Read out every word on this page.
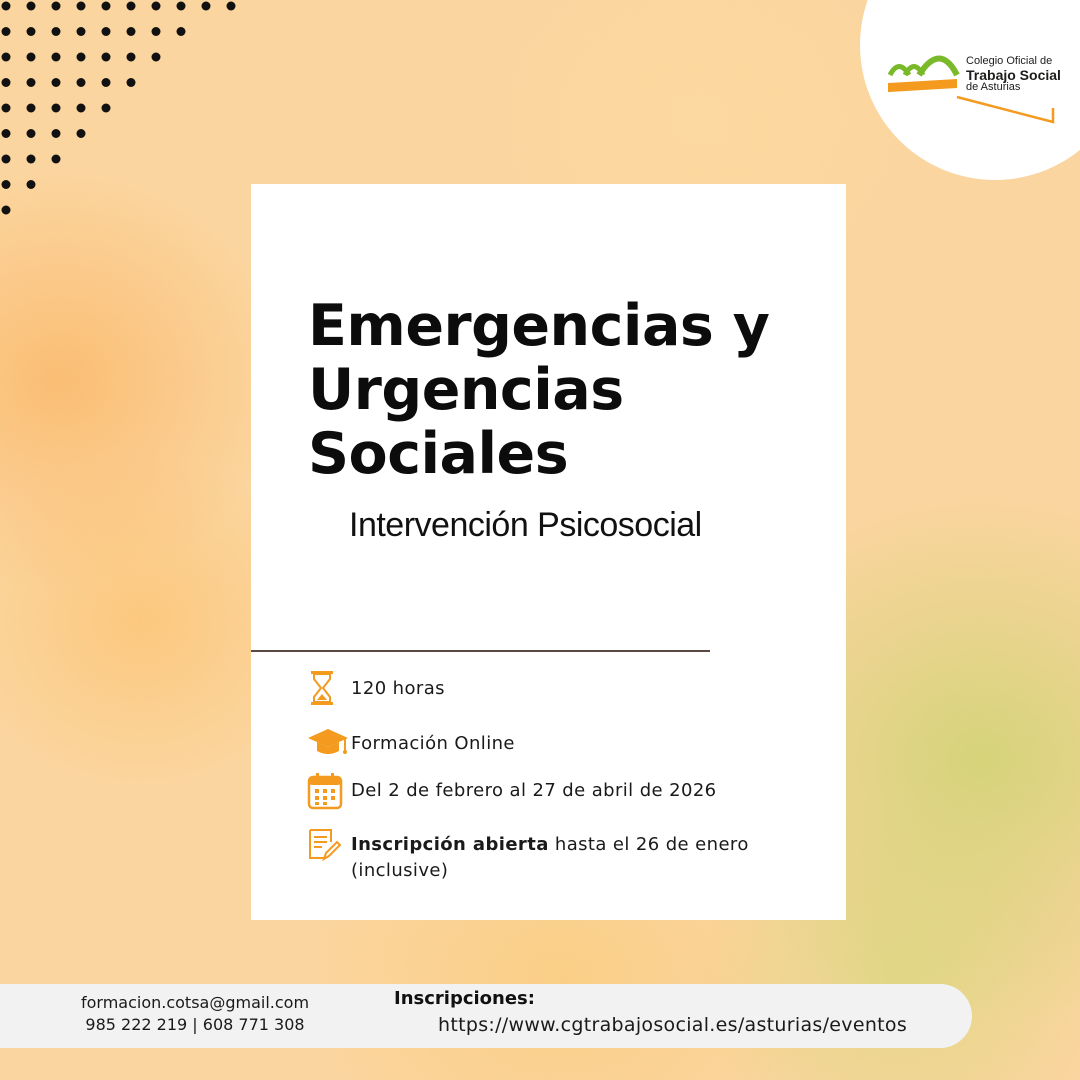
Colegio Oficial de
Trabajo Social
de Asturias
Emergencias y
Urgencias
Sociales
Intervención Psicosocial
120 horas
Formación Online
Del 2 de febrero al 27 de abril de 2026
Inscripción abierta hasta el 26 de enero (inclusive)
formacion.cotsa@gmail.com
985 222 219 | 608 771 308
Inscripciones:
https://www.cgtrabajosocial.es/asturias/eventos
